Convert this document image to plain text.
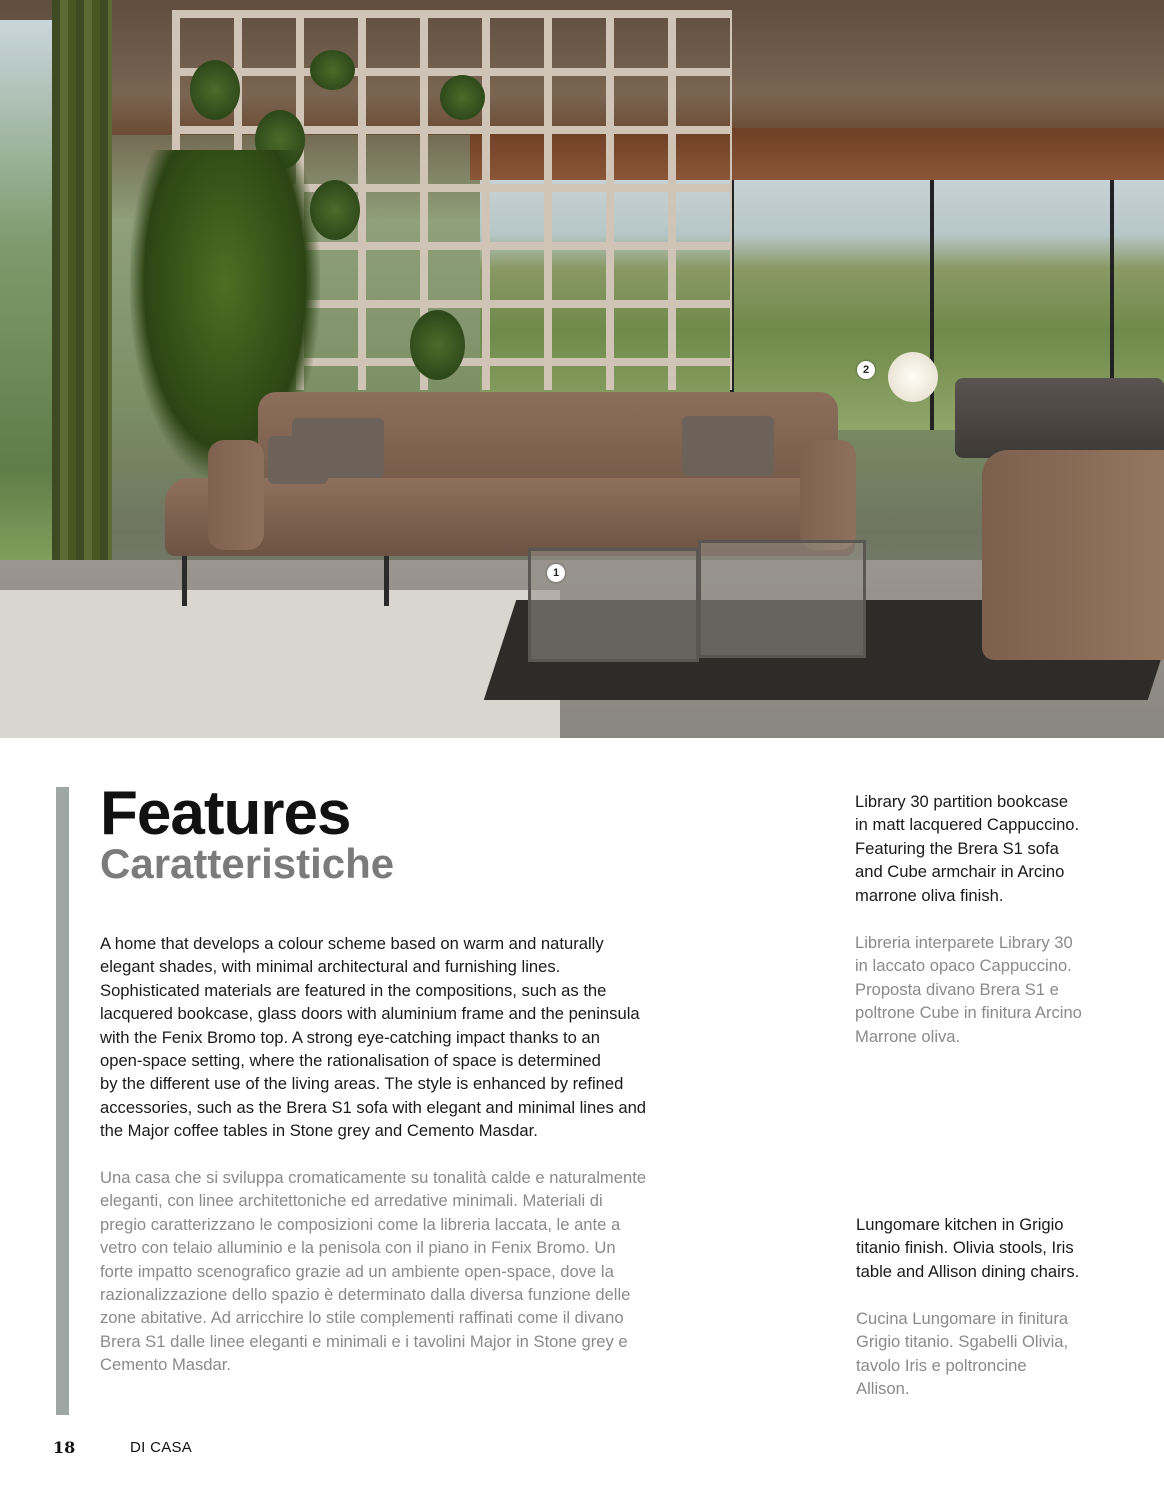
1
2
Features
Caratteristiche

A home that develops a colour scheme based on warm and naturally
elegant shades, with minimal architectural and furnishing lines.
Sophisticated materials are featured in the compositions, such as the
lacquered bookcase, glass doors with aluminium frame and the peninsula
with the Fenix Bromo top. A strong eye-catching impact thanks to an
open-space setting, where the rationalisation of space is determined
by the different use of the living areas. The style is enhanced by refined
accessories, such as the Brera S1 sofa with elegant and minimal lines and
the Major coffee tables in Stone grey and Cemento Masdar.

Una casa che si sviluppa cromaticamente su tonalità calde e naturalmente
eleganti, con linee architettoniche ed arredative minimali. Materiali di
pregio caratterizzano le composizioni come la libreria laccata, le ante a
vetro con telaio alluminio e la penisola con il piano in Fenix Bromo. Un
forte impatto scenografico grazie ad un ambiente open-space, dove la
razionalizzazione dello spazio è determinato dalla diversa funzione delle
zone abitative. Ad arricchire lo stile complementi raffinati come il divano
Brera S1 dalle linee eleganti e minimali e i tavolini Major in Stone grey e
Cemento Masdar.

Library 30 partition bookcase
in matt lacquered Cappuccino.
Featuring the Brera S1 sofa
and Cube armchair in Arcino
marrone oliva finish.

Libreria interparete Library 30
in laccato opaco Cappuccino.
Proposta divano Brera S1 e
poltrone Cube in finitura Arcino
Marrone oliva.

Lungomare kitchen in Grigio
titanio finish. Olivia stools, Iris
table and Allison dining chairs.

Cucina Lungomare in finitura
Grigio titanio. Sgabelli Olivia,
tavolo Iris e poltroncine
Allison.

18	DI CASA
